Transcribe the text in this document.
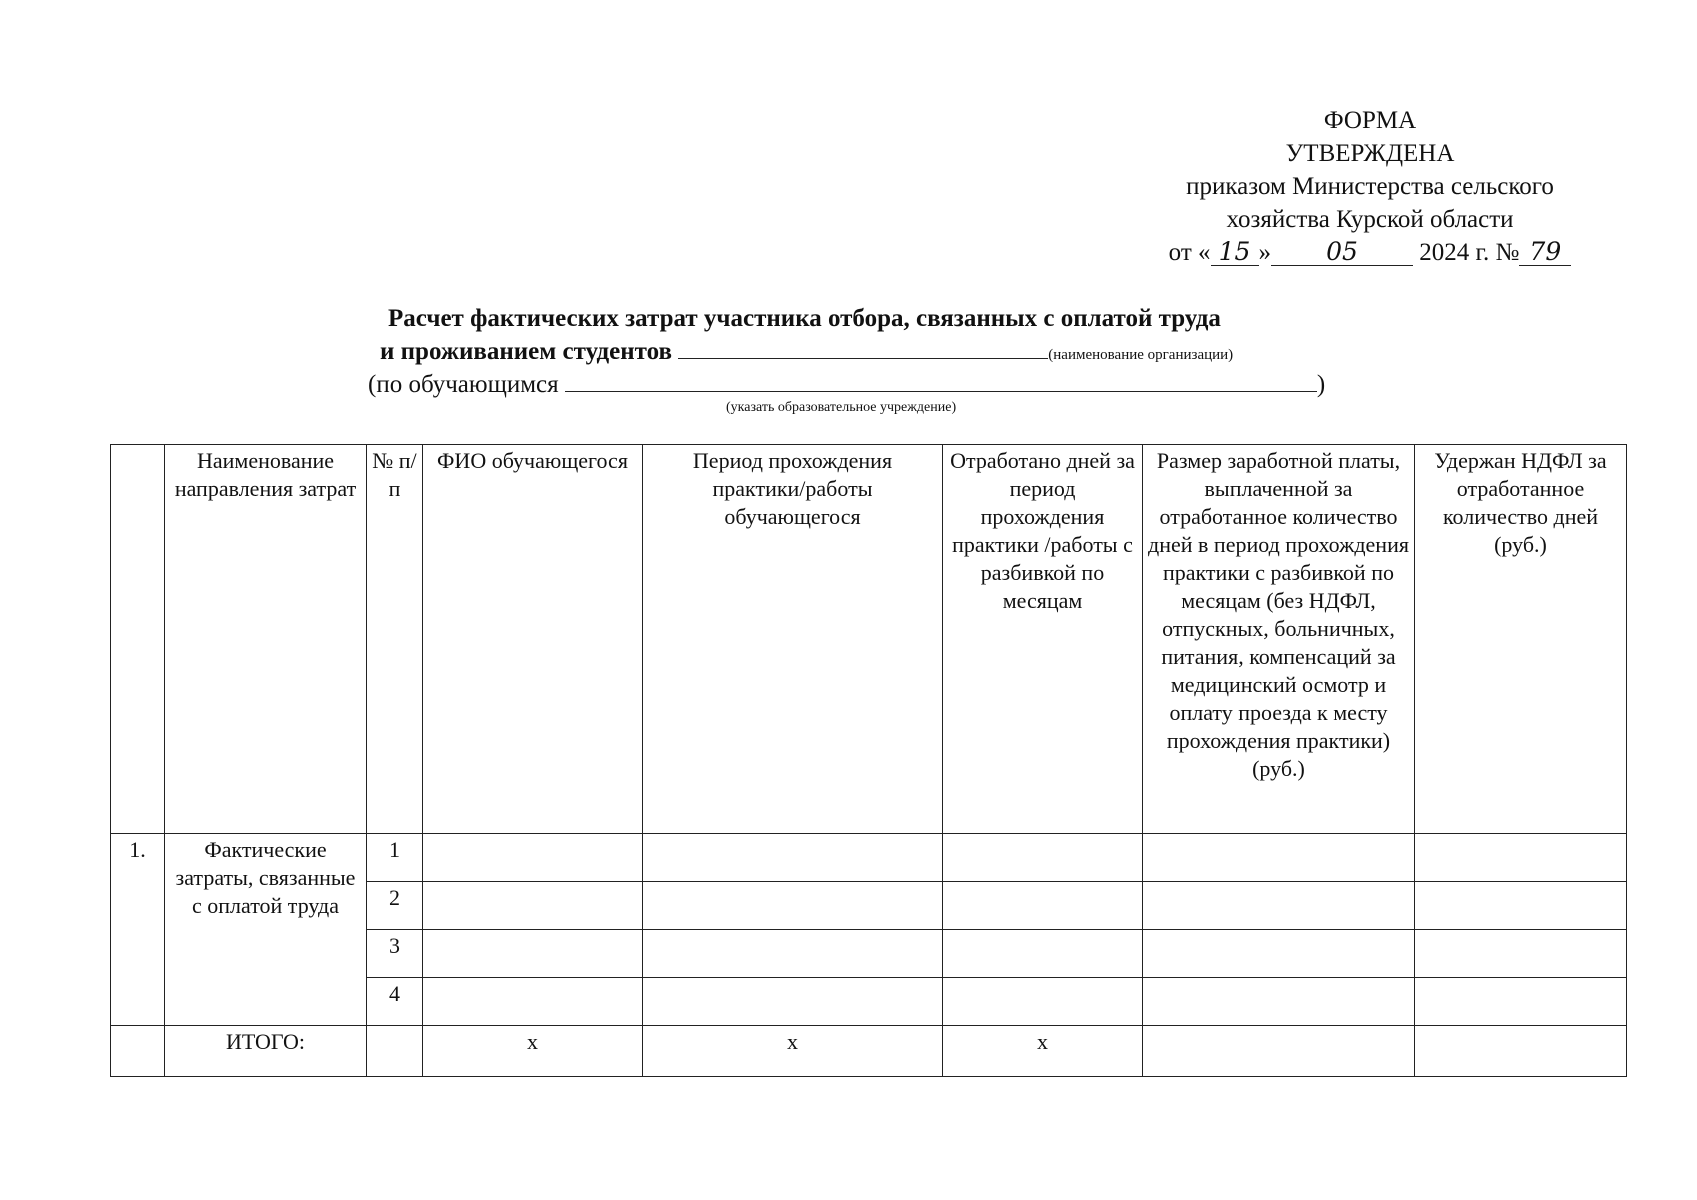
ФОРМА
УТВЕРЖДЕНА
приказом Министерства сельского
хозяйства Курской области
от « 15 » 05 2024 г. № 79
Расчет фактических затрат участника отбора, связанных с оплатой труда
и проживанием студентов	(наименование организации)
(по обучающимся	)
(указать образовательное учреждение)
	Наименование направления затрат	№ п/п	ФИО обучающегося	Период прохождения практики/работы обучающегося	Отработано дней за период прохождения практики /работы с разбивкой по месяцам	Размер заработной платы, выплаченной за отработанное количество дней в период прохождения практики с разбивкой по месяцам (без НДФЛ, отпускных, больничных, питания, компенсаций за медицинский осмотр и оплату проезда к месту прохождения практики) (руб.)	Удержан НДФЛ за отработанное количество дней (руб.)
1.	Фактические затраты, связанные с оплатой труда	1					
		2					
		3					
		4					
	ИТОГО:		x	x	x		
